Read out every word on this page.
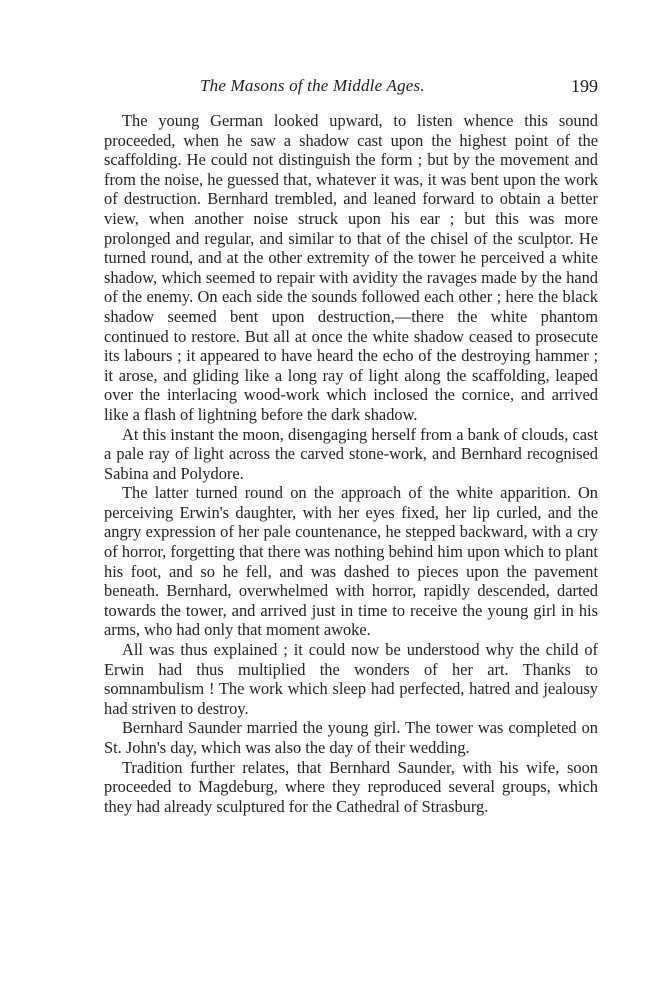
The Masons of the Middle Ages.	199

The young German looked upward, to listen whence this sound proceeded, when he saw a shadow cast upon the highest point of the scaffolding. He could not distinguish the form ; but by the movement and from the noise, he guessed that, whatever it was, it was bent upon the work of destruction. Bernhard trembled, and leaned forward to obtain a better view, when another noise struck upon his ear ; but this was more prolonged and regular, and similar to that of the chisel of the sculptor. He turned round, and at the other extremity of the tower he perceived a white shadow, which seemed to repair with avidity the ravages made by the hand of the enemy. On each side the sounds followed each other ; here the black shadow seemed bent upon destruction,—there the white phantom continued to restore. But all at once the white shadow ceased to prosecute its labours ; it appeared to have heard the echo of the destroying hammer ; it arose, and gliding like a long ray of light along the scaffolding, leaped over the interlacing wood-work which inclosed the cornice, and arrived like a flash of lightning before the dark shadow.

At this instant the moon, disengaging herself from a bank of clouds, cast a pale ray of light across the carved stone-work, and Bernhard recognised Sabina and Polydore.

The latter turned round on the approach of the white apparition. On perceiving Erwin's daughter, with her eyes fixed, her lip curled, and the angry expression of her pale countenance, he stepped backward, with a cry of horror, forgetting that there was nothing behind him upon which to plant his foot, and so he fell, and was dashed to pieces upon the pavement beneath. Bernhard, overwhelmed with horror, rapidly descended, darted towards the tower, and arrived just in time to receive the young girl in his arms, who had only that moment awoke.

All was thus explained ; it could now be understood why the child of Erwin had thus multiplied the wonders of her art. Thanks to somnambulism ! The work which sleep had perfected, hatred and jealousy had striven to destroy.

Bernhard Saunder married the young girl. The tower was completed on St. John's day, which was also the day of their wedding.

Tradition further relates, that Bernhard Saunder, with his wife, soon proceeded to Magdeburg, where they reproduced several groups, which they had already sculptured for the Cathedral of Strasburg.
